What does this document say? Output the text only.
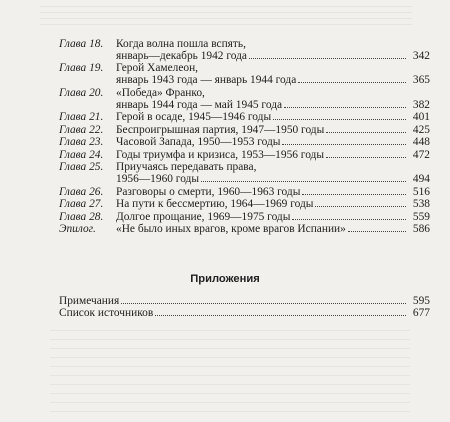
Глава 18.	Когда волна пошла вспять,
январь—декабрь 1942 года	342
Глава 19.	Герой Хамелеон,
январь 1943 года — январь 1944 года	365
Глава 20.	«Победа» Франко,
январь 1944 года — май 1945 года	382
Глава 21.	Герой в осаде, 1945—1946 годы	401
Глава 22.	Беспроигрышная партия, 1947—1950 годы	425
Глава 23.	Часовой Запада, 1950—1953 годы	448
Глава 24.	Годы триумфа и кризиса, 1953—1956 годы	472
Глава 25.	Приучаясь передавать права,
1956—1960 годы	494
Глава 26.	Разговоры о смерти, 1960—1963 годы	516
Глава 27.	На пути к бессмертию, 1964—1969 годы	538
Глава 28.	Долгое прощание, 1969—1975 годы	559
Эпилог.	«Не было иных врагов, кроме врагов Испании»	586
Приложения
Примечания	595
Список источников	677
